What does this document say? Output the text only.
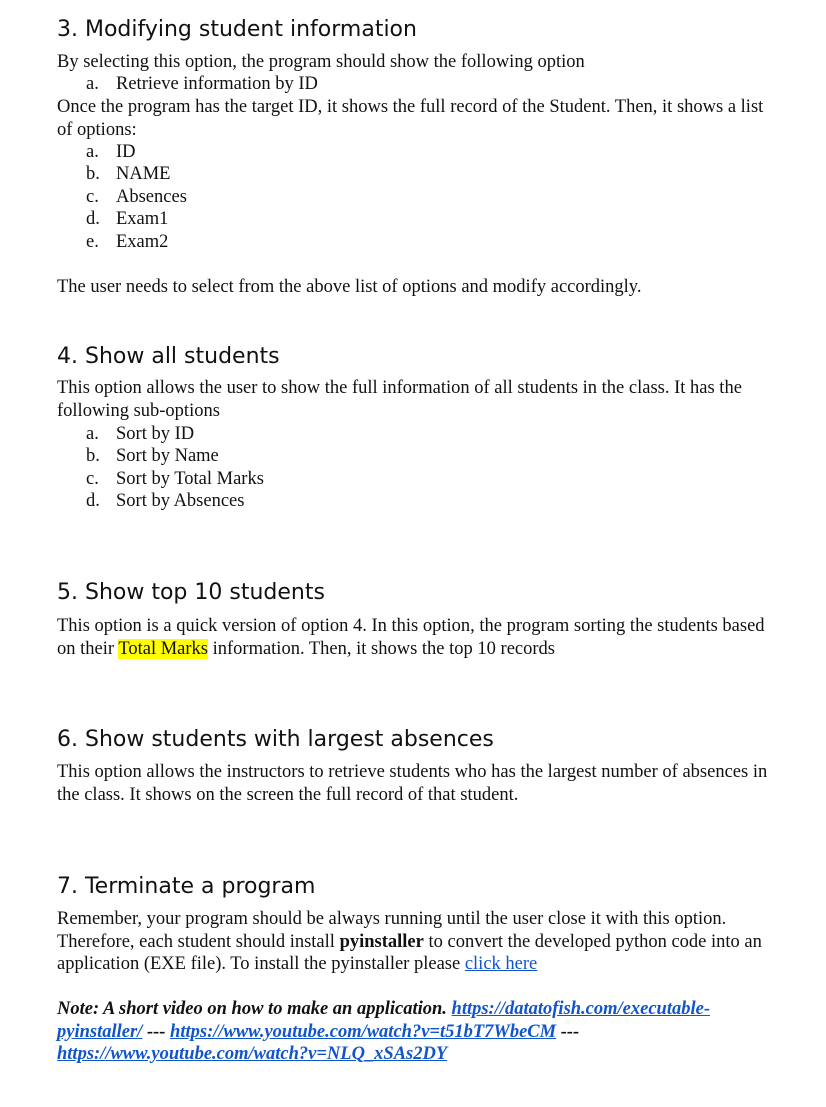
3. Modifying student information

By selecting this option, the program should show the following option

a. Retrieve information by ID

Once the program has the target ID, it shows the full record of the Student. Then, it shows a list of options:

a. ID

b. NAME

c. Absences

d. Exam1

e. Exam2

The user needs to select from the above list of options and modify accordingly.

4. Show all students

This option allows the user to show the full information of all students in the class. It has the following sub-options

a. Sort by ID

b. Sort by Name

c. Sort by Total Marks

d. Sort by Absences

5. Show top 10 students

This option is a quick version of option 4. In this option, the program sorting the students based on their Total Marks information. Then, it shows the top 10 records

6. Show students with largest absences

This option allows the instructors to retrieve students who has the largest number of absences in the class. It shows on the screen the full record of that student.

7. Terminate a program

Remember, your program should be always running until the user close it with this option. Therefore, each student should install pyinstaller to convert the developed python code into an application (EXE file). To install the pyinstaller please click here

Note: A short video on how to make an application. https://datatofish.com/executable-pyinstaller/ --- https://www.youtube.com/watch?v=t51bT7WbeCM --- https://www.youtube.com/watch?v=NLQ_xSAs2DY
